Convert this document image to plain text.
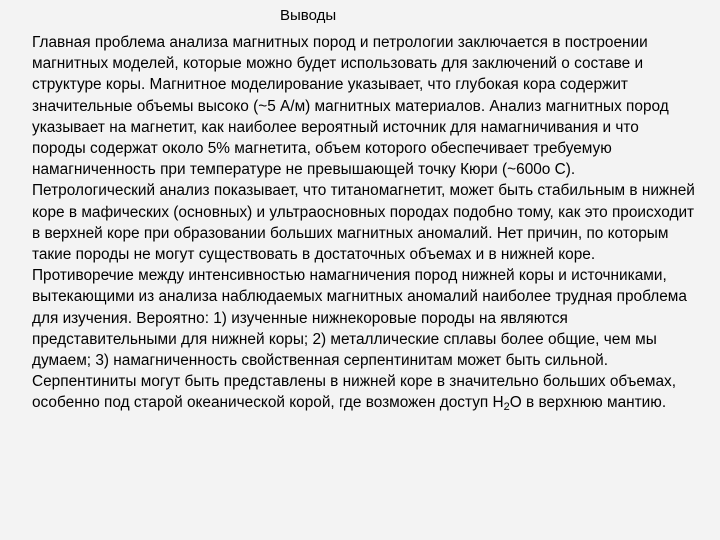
Выводы

Главная проблема анализа магнитных пород и петрологии заключается в построении магнитных моделей, которые можно будет использовать для заключений о составе и структуре коры. Магнитное моделирование указывает, что глубокая кора содержит значительные объемы высоко (~5 А/м) магнитных материалов. Анализ магнитных пород указывает на магнетит, как наиболее вероятный источник для намагничивания и что породы содержат около 5% магнетита, объем которого обеспечивает требуемую намагниченность при температуре не превышающей точку Кюри (~600o C). Петрологический анализ показывает, что титаномагнетит, может быть стабильным в нижней коре в мафических (основных) и ультраосновных породах подобно тому, как это происходит в верхней коре при образовании больших магнитных аномалий. Нет причин, по которым такие породы не могут существовать в достаточных объемах и в нижней коре.

Противоречие между интенсивностью намагничения пород нижней коры и источниками, вытекающими из анализа наблюдаемых магнитных аномалий наиболее трудная проблема для изучения. Вероятно: 1) изученные нижнекоровые породы на являются представительными для нижней коры; 2) металлические сплавы более общие, чем мы думаем; 3) намагниченность свойственная серпентинитам может быть сильной. Серпентиниты могут быть представлены в нижней коре в значительно больших объемах, особенно под старой океанической корой, где возможен доступ $H_2O$ в верхнюю мантию.
